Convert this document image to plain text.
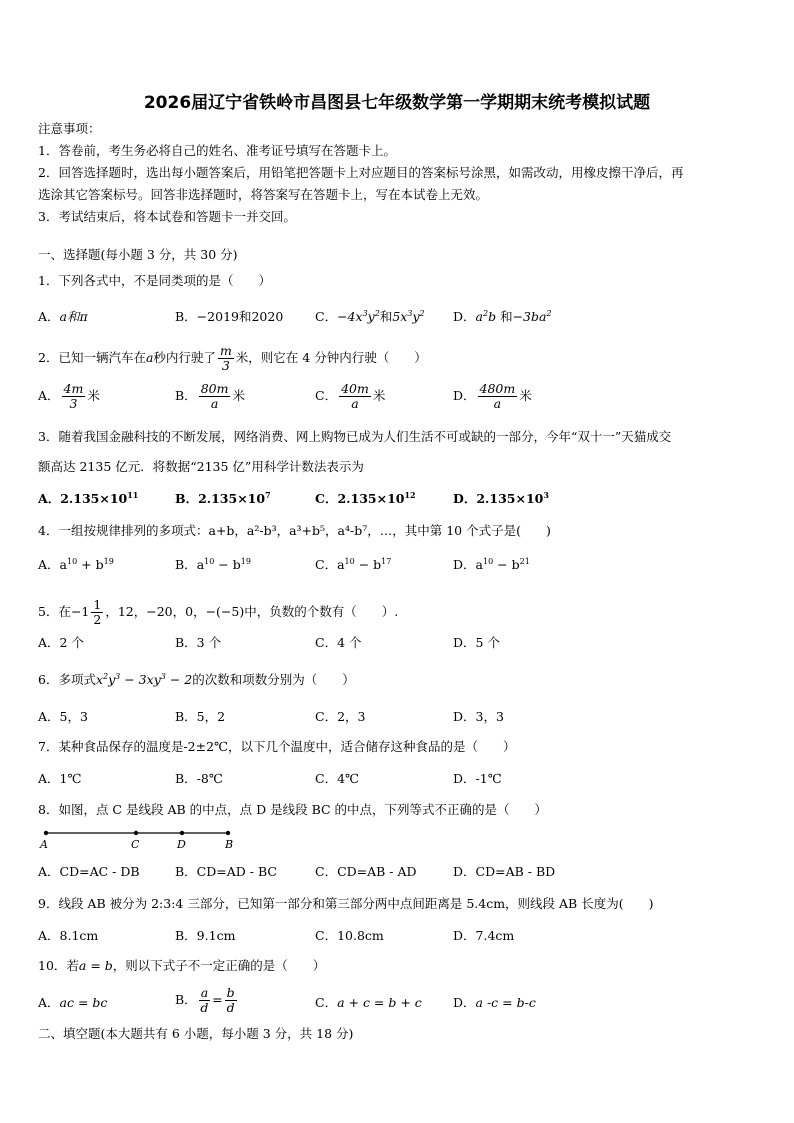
2026届辽宁省铁岭市昌图县七年级数学第一学期期末统考模拟试题
注意事项：
1．答卷前，考生务必将自己的姓名、准考证号填写在答题卡上。
2．回答选择题时，选出每小题答案后，用铅笔把答题卡上对应题目的答案标号涂黑，如需改动，用橡皮擦干净后，再
选涂其它答案标号。回答非选择题时，将答案写在答题卡上，写在本试卷上无效。
3．考试结束后，将本试卷和答题卡一并交回。
一、选择题(每小题 3 分，共 30 分)
1．下列各式中，不是同类项的是（　　）
A．a和π	B．−2019和2020	C．$-4x^3y^2$和$5x^3y^2$ D．$a^2b$ 和$-3ba^2$
2．已知一辆汽车在a秒内行驶了 $\frac{m}{3}$ 米，则它在 4 分钟内行驶（　　）
A． $\frac{4m}{3}$ 米	B． $\frac{80m}{a}$ 米	C． $\frac{40m}{a}$ 米	D． $\frac{480m}{a}$ 米
3．随着我国金融科技的不断发展，网络消费、网上购物已成为人们生活不可或缺的一部分，今年“双十一”天猫成交
额高达 2135 亿元．将数据“2135 亿”用科学计数法表示为
A．$2.135\times 10^{11}$	B．$2.135\times 10^7$	C．$2.135\times 10^{12}$	D．$2.135\times 10^3$
4．一组按规律排列的多项式：a+b，a²-b³，a³+b⁵，a⁴-b⁷，…，其中第 10 个式子是(　　)
A．$a^{10} + b^{19}$	B．$a^{10} - b^{19}$	C．$a^{10} - b^{17}$	D．$a^{10} - b^{21}$
5．在$-1 \frac{1}{2}$ ，12，−20，0，−(−5)中，负数的个数有（　　）.
A．2 个	B．3 个	C．4 个	D．5 个
6．多项式$x^2y^3 - 3xy^3 - 2$的次数和项数分别为（　　）
A．5，3	B．5，2	C．2，3	D．3，3
7．某种食品保存的温度是-2±2℃，以下几个温度中，适合储存这种食品的是（　　）
A．1℃	B．-8℃	C．4℃	D．-1℃
8．如图，点 C 是线段 AB 的中点，点 D 是线段 BC 的中点，下列等式不正确的是（　　）
A	C	D	B
A．CD=AC - DB	B．CD=AD - BC	C．CD=AB - AD	D．CD=AB - BD
9．线段 AB 被分为 2:3:4 三部分，已知第一部分和第三部分两中点间距离是 5.4cm，则线段 AB 长度为(　　)
A．8.1cm	B．9.1cm	C．10.8cm	D．7.4cm
10．若a = b，则以下式子不一定正确的是（　　）
A．ac = bc	B． $\frac{a}{d} = \frac{b}{d}$	C．a + c = b + c D．a -c = b-c
二、填空题(本大题共有 6 小题，每小题 3 分，共 18 分)
